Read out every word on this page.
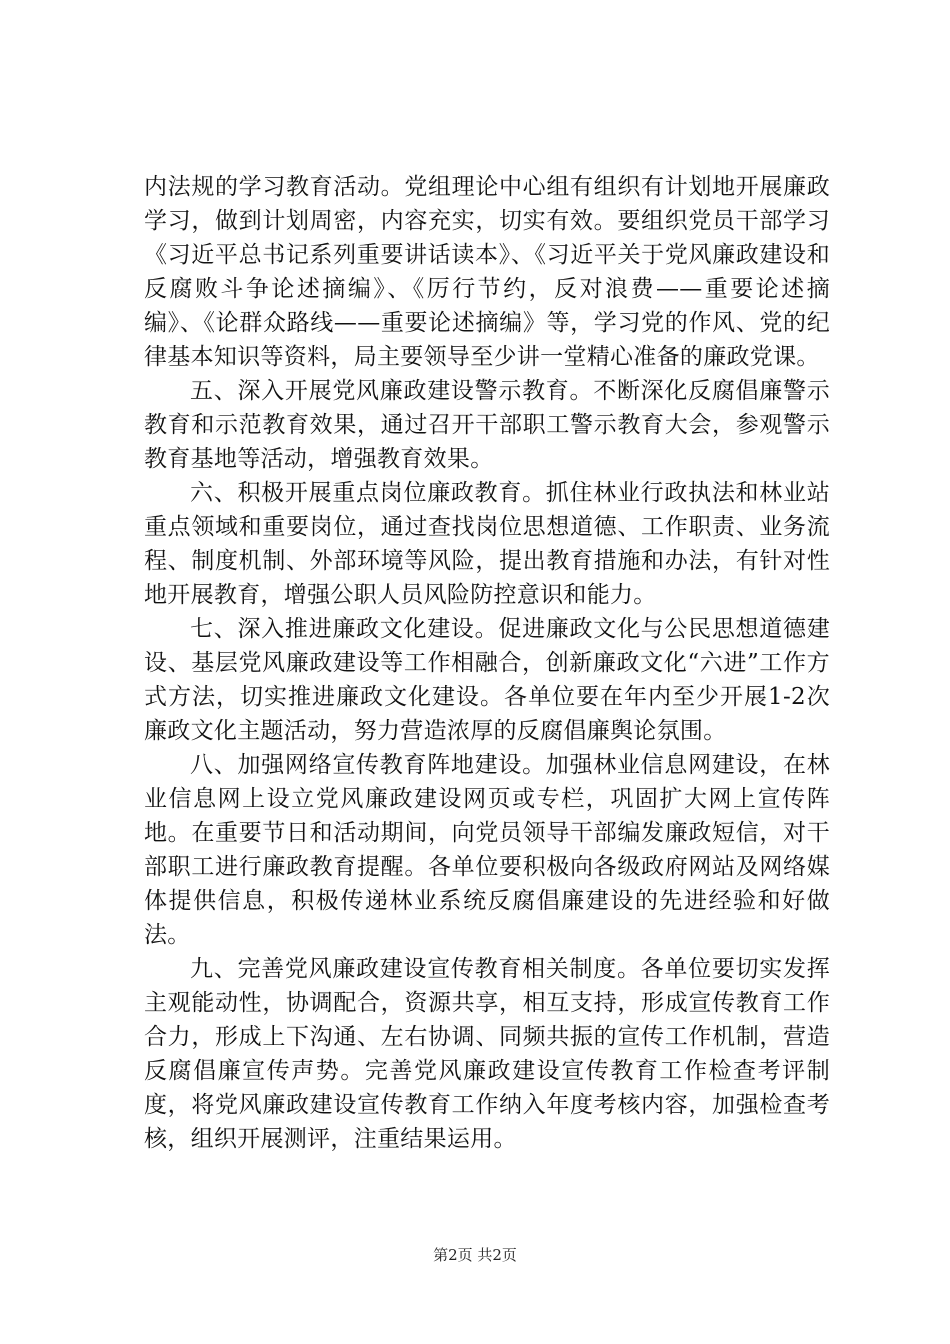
内法规的学习教育活动。党组理论中心组有组织有计划地开展廉政学习，做到计划周密，内容充实，切实有效。要组织党员干部学习《习近平总书记系列重要讲话读本》、《习近平关于党风廉政建设和反腐败斗争论述摘编》、《厉行节约，反对浪费——重要论述摘编》、《论群众路线——重要论述摘编》等，学习党的作风、党的纪律基本知识等资料，局主要领导至少讲一堂精心准备的廉政党课。

五、深入开展党风廉政建设警示教育。不断深化反腐倡廉警示教育和示范教育效果，通过召开干部职工警示教育大会，参观警示教育基地等活动，增强教育效果。

六、积极开展重点岗位廉政教育。抓住林业行政执法和林业站重点领域和重要岗位，通过查找岗位思想道德、工作职责、业务流程、制度机制、外部环境等风险，提出教育措施和办法，有针对性地开展教育，增强公职人员风险防控意识和能力。

七、深入推进廉政文化建设。促进廉政文化与公民思想道德建设、基层党风廉政建设等工作相融合，创新廉政文化“六进”工作方式方法，切实推进廉政文化建设。各单位要在年内至少开展1-2次廉政文化主题活动，努力营造浓厚的反腐倡廉舆论氛围。

八、加强网络宣传教育阵地建设。加强林业信息网建设，在林业信息网上设立党风廉政建设网页或专栏，巩固扩大网上宣传阵地。在重要节日和活动期间，向党员领导干部编发廉政短信，对干部职工进行廉政教育提醒。各单位要积极向各级政府网站及网络媒体提供信息，积极传递林业系统反腐倡廉建设的先进经验和好做法。

九、完善党风廉政建设宣传教育相关制度。各单位要切实发挥主观能动性，协调配合，资源共享，相互支持，形成宣传教育工作合力，形成上下沟通、左右协调、同频共振的宣传工作机制，营造反腐倡廉宣传声势。完善党风廉政建设宣传教育工作检查考评制度，将党风廉政建设宣传教育工作纳入年度考核内容，加强检查考核，组织开展测评，注重结果运用。

第2页 共2页
